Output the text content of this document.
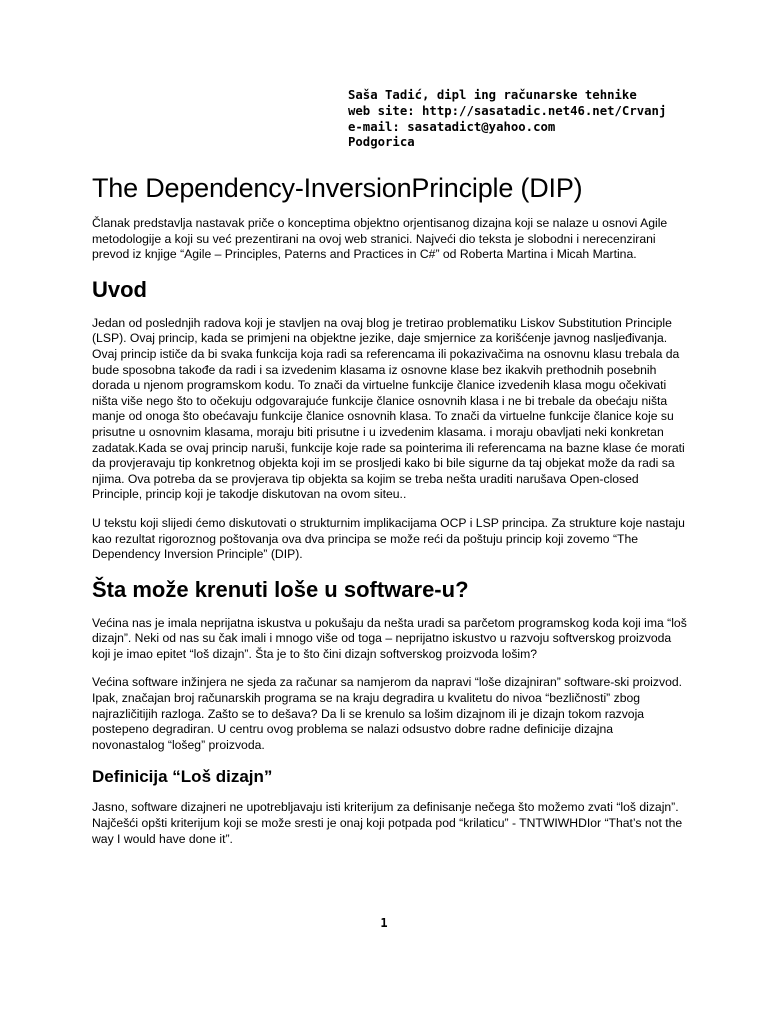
Saša Tadić, dipl ing računarske tehnike
web site: http://sasatadic.net46.net/Crvanj
e-mail: sasatadict@yahoo.com
Podgorica
The Dependency-InversionPrinciple (DIP)

Članak predstavlja nastavak priče o konceptima objektno orjentisanog dizajna koji se nalaze u osnovi Agile metodologije a koji su već prezentirani na ovoj web stranici. Najveći dio teksta je slobodni i nerecenzirani prevod iz knjige “Agile – Principles, Paterns and Practices in C#” od Roberta Martina i Micah Martina.

Uvod

Jedan od poslednjih radova koji je stavljen na ovaj blog je tretirao problematiku Liskov Substitution Principle (LSP). Ovaj princip, kada se primjeni na objektne jezike, daje smjernice za korišćenje javnog nasljeđivanja. Ovaj princip ističe da bi svaka funkcija koja radi sa referencama ili pokazivačima na osnovnu klasu trebala da bude sposobna takođe da radi i sa izvedenim klasama iz osnovne klase bez ikakvih prethodnih posebnih dorada u njenom programskom kodu. To znači da virtuelne funkcije članice izvedenih klasa mogu očekivati ništa više nego što to očekuju odgovarajuće funkcije članice osnovnih klasa i ne bi trebale da obećaju ništa manje od onoga što obećavaju funkcije članice osnovnih klasa. To znači da virtuelne funkcije članice koje su prisutne u osnovnim klasama, moraju biti prisutne i u izvedenim klasama. i moraju obavljati neki konkretan zadatak.Kada se ovaj princip naruši, funkcije koje rade sa pointerima ili referencama na bazne klase će morati da provjeravaju tip konkretnog objekta koji im se prosljedi kako bi bile sigurne da taj objekat može da radi sa njima. Ova potreba da se provjerava tip objekta sa kojim se treba nešta uraditi narušava Open-closed Principle, princip koji je takodje diskutovan na ovom siteu..

U tekstu koji slijedi ćemo diskutovati o strukturnim implikacijama OCP i LSP principa. Za strukture koje nastaju kao rezultat rigoroznog poštovanja ova dva principa se može reći da poštuju princip koji zovemo “The Dependency Inversion Principle” (DIP).

Šta može krenuti loše u software-u?

Većina nas je imala neprijatna iskustva u pokušaju da nešta uradi sa parčetom programskog koda koji ima “loš dizajn”. Neki od nas su čak imali i mnogo više od toga – neprijatno iskustvo u razvoju softverskog proizvoda koji je imao epitet “loš dizajn”. Šta je to što čini dizajn softverskog proizvoda lošim?

Većina software inžinjera ne sjeda za računar sa namjerom da napravi “loše dizajniran” software-ski proizvod. Ipak, značajan broj računarskih programa se na kraju degradira u kvalitetu do nivoa “bezličnosti” zbog najrazličitijih razloga. Zašto se to dešava? Da li se krenulo sa lošim dizajnom ili je dizajn tokom razvoja postepeno degradiran. U centru ovog problema se nalazi odsustvo dobre radne definicije dizajna novonastalog “lošeg” proizvoda.

Definicija “Loš dizajn”

Jasno, software dizajneri ne upotrebljavaju isti kriterijum za definisanje nečega što možemo zvati “loš dizajn”. Najčešći opšti kriterijum koji se može sresti je onaj koji potpada pod “krilaticu” - TNTWIWHDIor “That’s not the way I would have done it”.

1
